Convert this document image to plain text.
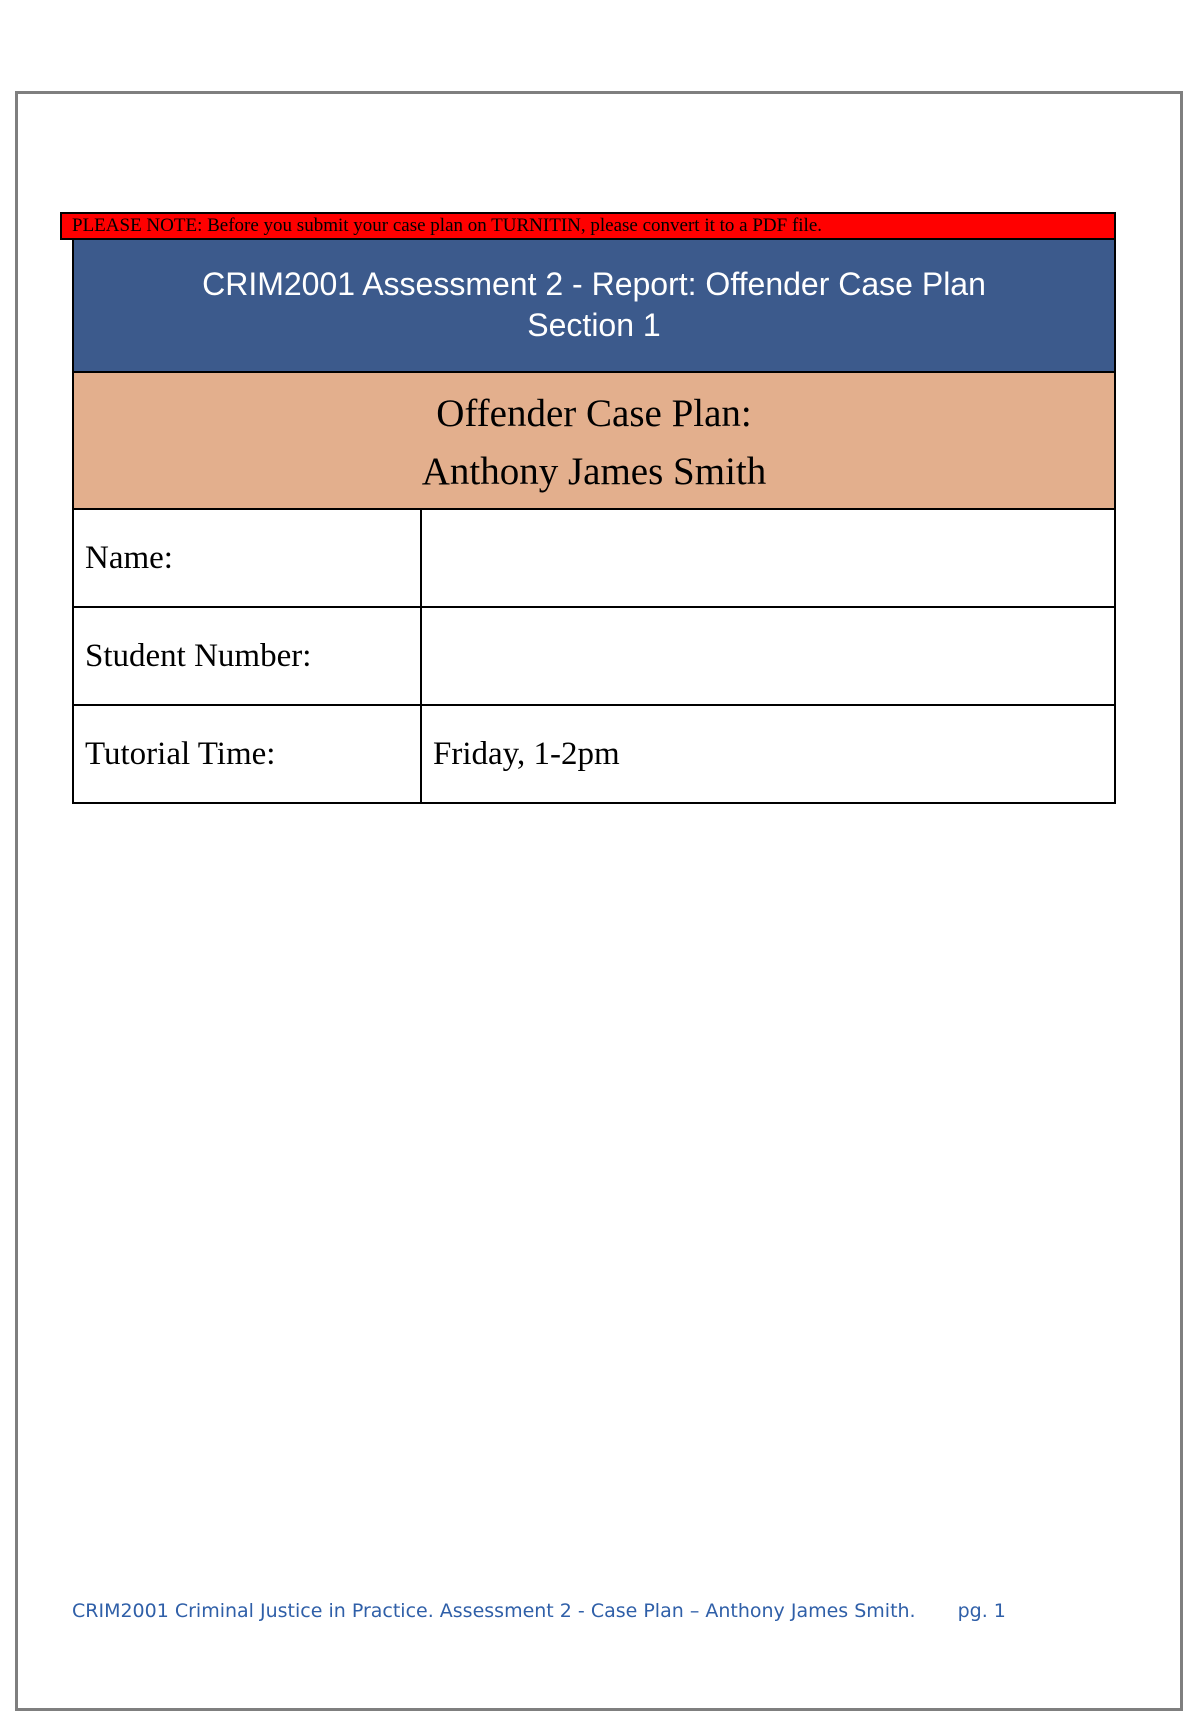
PLEASE NOTE: Before you submit your case plan on TURNITIN, please convert it to a PDF file.
CRIM2001 Assessment 2 - Report: Offender Case Plan
Section 1
Offender Case Plan:
Anthony James Smith
Name:	
Student Number:	
Tutorial Time:	Friday, 1-2pm
CRIM2001 Criminal Justice in Practice. Assessment 2 - Case Plan – Anthony James Smith. pg. 1
